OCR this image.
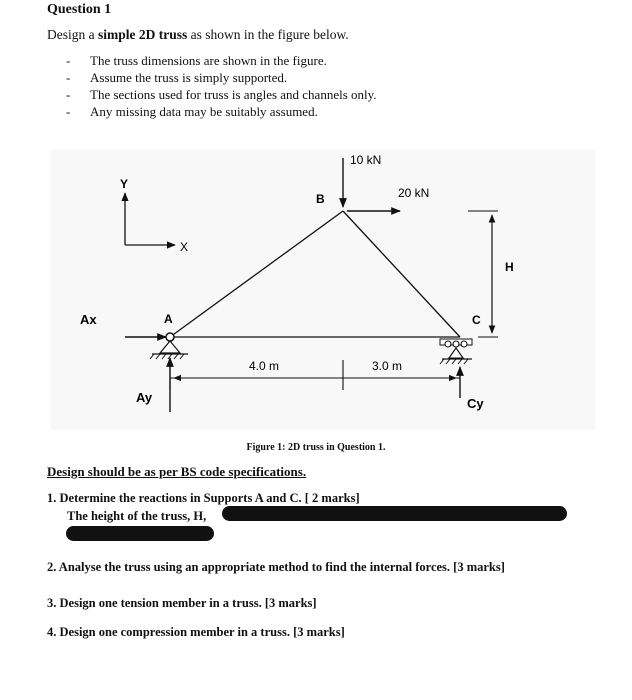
Question 1
Design a simple 2D truss as shown in the figure below.
- The truss dimensions are shown in the figure.
- Assume the truss is simply supported.
- The sections used for truss is angles and channels only.
- Any missing data may be suitably assumed.
10 kN
20 kN
B
Y
X
Ax	A
Ay
C
Cy
H
4.0 m	3.0 m
Figure 1: 2D truss in Question 1.
Design should be as per BS code specifications.
1. Determine the reactions in Supports A and C. [ 2 marks]
The height of the truss, H,
2. Analyse the truss using an appropriate method to find the internal forces. [3 marks]
3. Design one tension member in a truss. [3 marks]
4. Design one compression member in a truss. [3 marks]
